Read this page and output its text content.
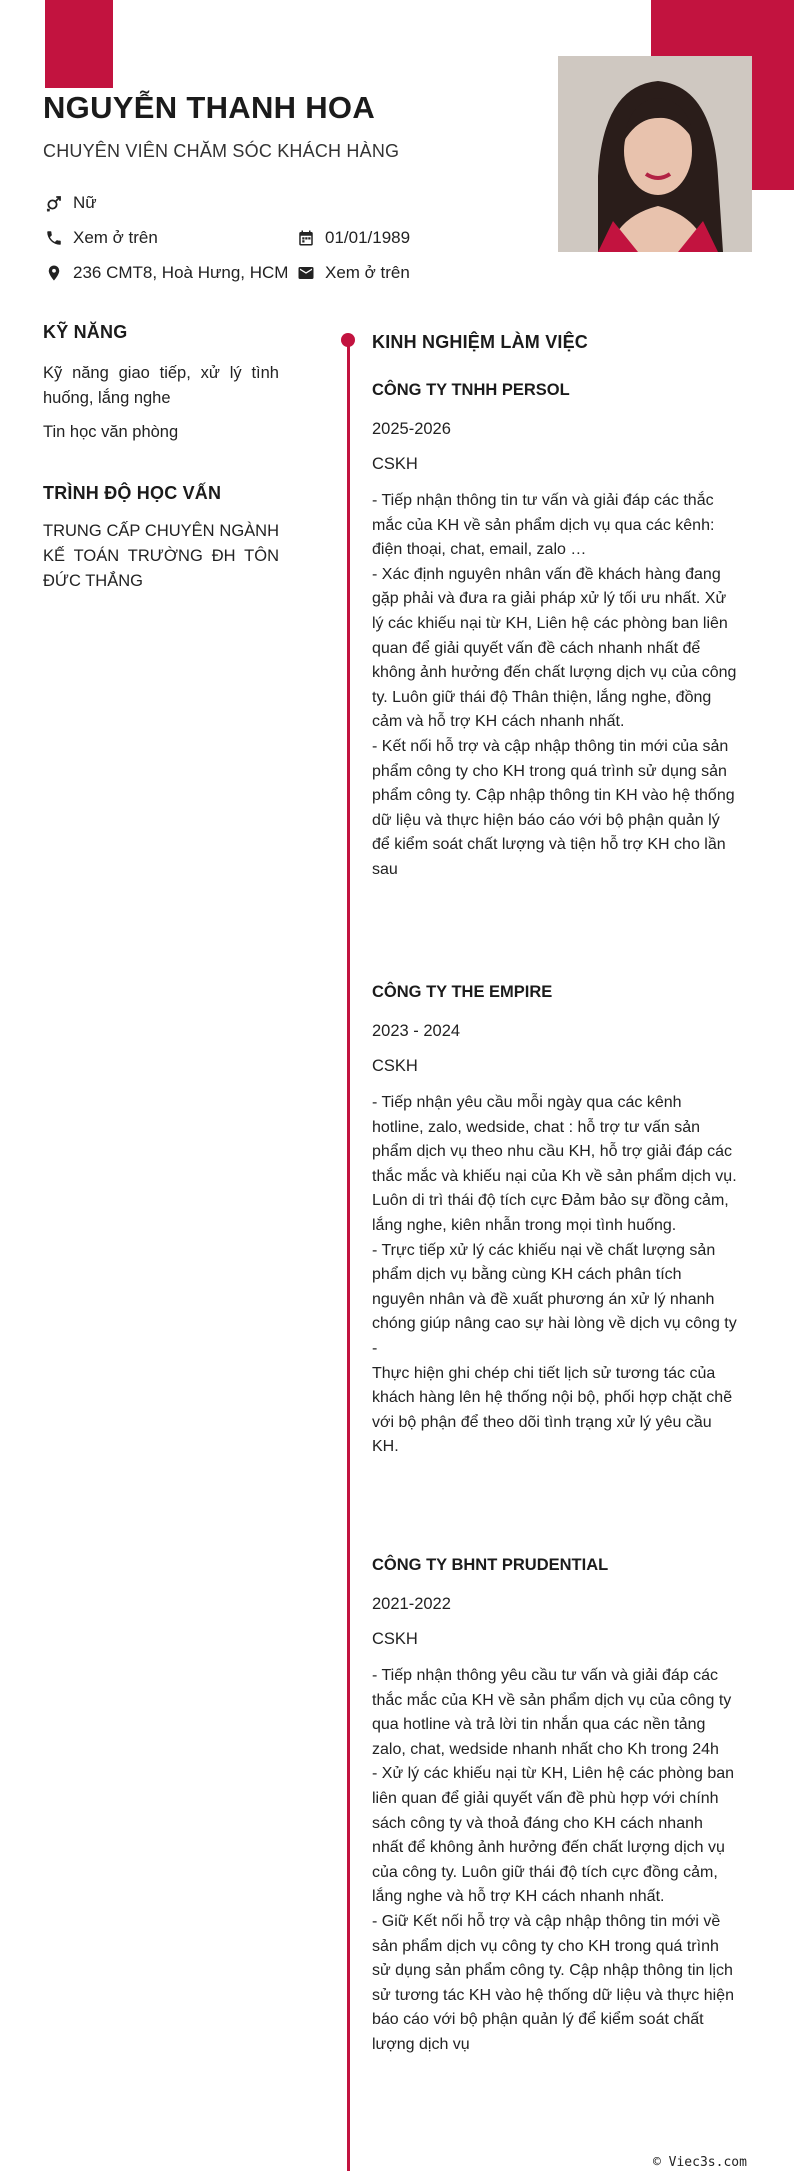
NGUYỄN THANH HOA
CHUYÊN VIÊN CHĂM SÓC KHÁCH HÀNG
Nữ
Xem ở trên	01/01/1989
236 CMT8, Hoà Hưng, HCM Xem ở trên
KỸ NĂNG
Kỹ năng giao tiếp, xử lý tình huống, lắng nghe
Tin học văn phòng
TRÌNH ĐỘ HỌC VẤN
TRUNG CẤP CHUYÊN NGÀNH KẾ TOÁN TRƯỜNG ĐH TÔN ĐỨC THẮNG
KINH NGHIỆM LÀM VIỆC
CÔNG TY TNHH PERSOL
2025-2026
CSKH
- Tiếp nhận thông tin tư vấn và giải đáp các thắc mắc của KH về sản phẩm dịch vụ qua các kênh: điện thoại, chat, email, zalo …
- Xác định nguyên nhân vấn đề khách hàng đang gặp phải và đưa ra giải pháp xử lý tối ưu nhất. Xử lý các khiếu nại từ KH, Liên hệ các phòng ban liên quan để giải quyết vấn đề cách nhanh nhất để không ảnh hưởng đến chất lượng dịch vụ của công ty. Luôn giữ thái độ Thân thiện, lắng nghe, đồng cảm và hỗ trợ KH cách nhanh nhất.
- Kết nối hỗ trợ và cập nhập thông tin mới của sản phẩm công ty cho KH trong quá trình sử dụng sản phẩm công ty. Cập nhập thông tin KH vào hệ thống dữ liệu và thực hiện báo cáo với bộ phận quản lý để kiểm soát chất lượng và tiện hỗ trợ KH cho lần sau
CÔNG TY THE EMPIRE
2023 - 2024
CSKH
- Tiếp nhận yêu cầu mỗi ngày qua các kênh hotline, zalo, wedside, chat : hỗ trợ tư vấn sản phẩm dịch vụ theo nhu cầu KH, hỗ trợ giải đáp các thắc mắc và khiếu nại của Kh về sản phẩm dịch vụ. Luôn di trì thái độ tích cực Đảm bảo sự đồng cảm, lắng nghe, kiên nhẫn trong mọi tình huống.
- Trực tiếp xử lý các khiếu nại về chất lượng sản phẩm dịch vụ bằng cùng KH cách phân tích nguyên nhân và đề xuất phương án xử lý nhanh chóng giúp nâng cao sự hài lòng về dịch vụ công ty
-
Thực hiện ghi chép chi tiết lịch sử tương tác của khách hàng lên hệ thống nội bộ, phối hợp chặt chẽ với bộ phận để theo dõi tình trạng xử lý yêu cầu KH.
CÔNG TY BHNT PRUDENTIAL
2021-2022
CSKH
- Tiếp nhận thông yêu cầu tư vấn và giải đáp các thắc mắc của KH về sản phẩm dịch vụ của công ty qua hotline và trả lời tin nhắn qua các nền tảng zalo, chat, wedside nhanh nhất cho Kh trong 24h
- Xử lý các khiếu nại từ KH, Liên hệ các phòng ban liên quan để giải quyết vấn đề phù hợp với chính sách công ty và thoả đáng cho KH cách nhanh nhất để không ảnh hưởng đến chất lượng dịch vụ của công ty. Luôn giữ thái độ tích cực đồng cảm, lắng nghe và hỗ trợ KH cách nhanh nhất.
- Giữ Kết nối hỗ trợ và cập nhập thông tin mới về sản phẩm dịch vụ công ty cho KH trong quá trình sử dụng sản phẩm công ty. Cập nhập thông tin lịch sử tương tác KH vào hệ thống dữ liệu và thực hiện báo cáo với bộ phận quản lý để kiểm soát chất lượng dịch vụ
© Viec3s.com
